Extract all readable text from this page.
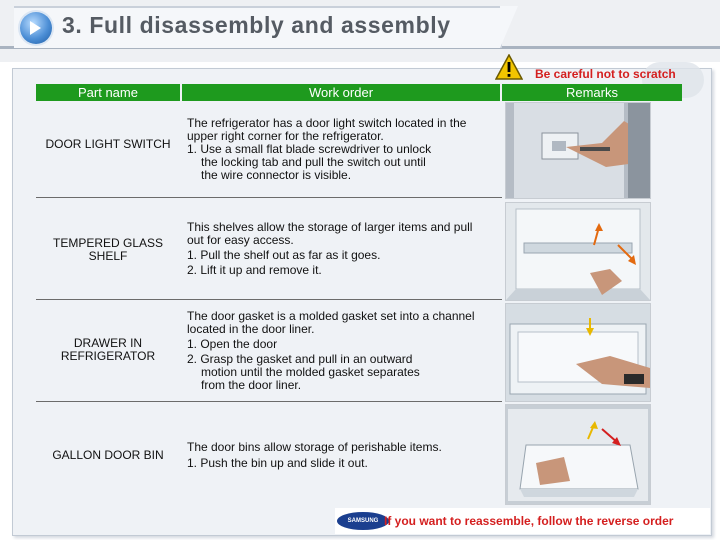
3. Full disassembly and assembly
Be careful not to scratch
Part name	Work order	Remarks
DOOR LIGHT SWITCH

The refrigerator has a door light switch located in the upper right corner for the refrigerator.

1. Use a small flat blade screwdriver to unlock

the locking tab and pull the switch out until

the wire connector is visible.

TEMPERED GLASS SHELF

This shelves allow the storage of larger items and pull out for easy access.

1. Pull the shelf out as far as it goes.

2. Lift it up and remove it.

DRAWER IN REFRIGERATOR

The door gasket is a molded gasket set into a channel located in the door liner.

1. Open the door

2. Grasp the gasket and pull in an outward

motion until the molded gasket separates

from the door liner.

GALLON DOOR BIN

The door bins allow storage of perishable items.

1. Push the bin up and slide it out.

SAMSUNG If you want to reassemble, follow the reverse order
